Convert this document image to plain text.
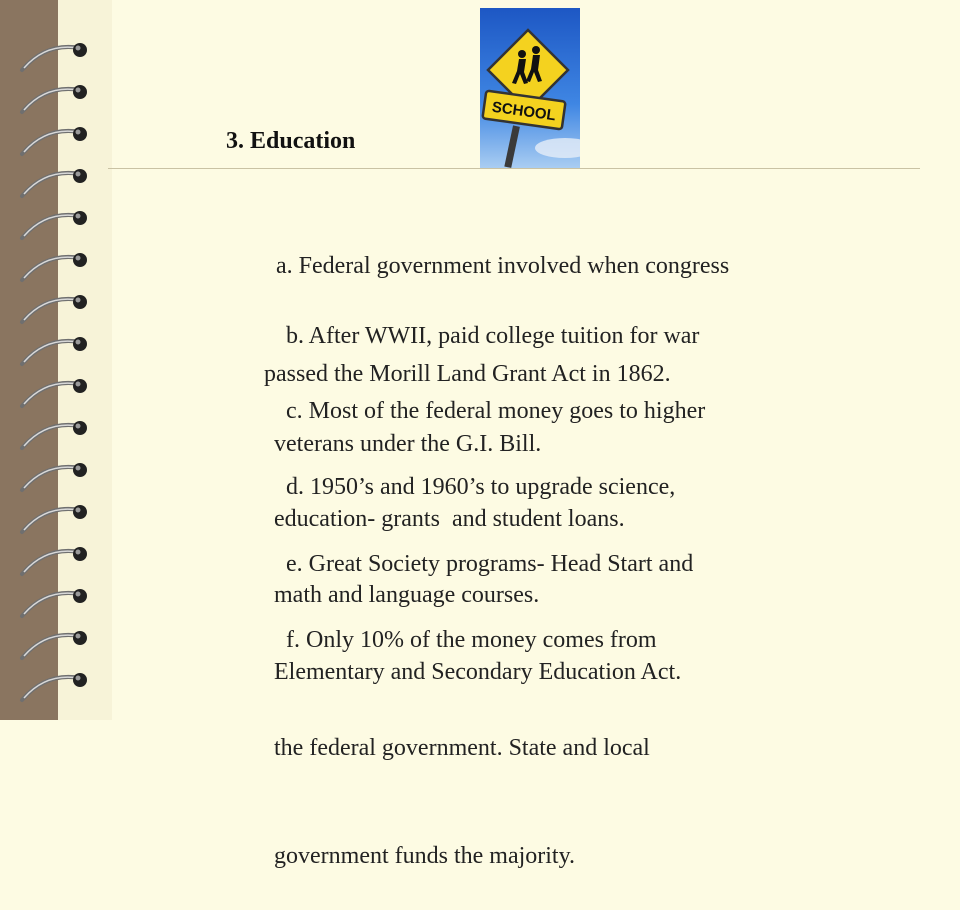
SCHOOL
3. Education

a. Federal government involved when congress

passed the Morill Land Grant Act in 1862.

b. After WWII, paid college tuition for war

veterans under the G.I. Bill.

c. Most of the federal money goes to higher

education- grants  and student loans.

d. 1950’s and 1960’s to upgrade science,

math and language courses.

e. Great Society programs- Head Start and

Elementary and Secondary Education Act.

f. Only 10% of the money comes from

the federal government. State and local

government funds the majority.
